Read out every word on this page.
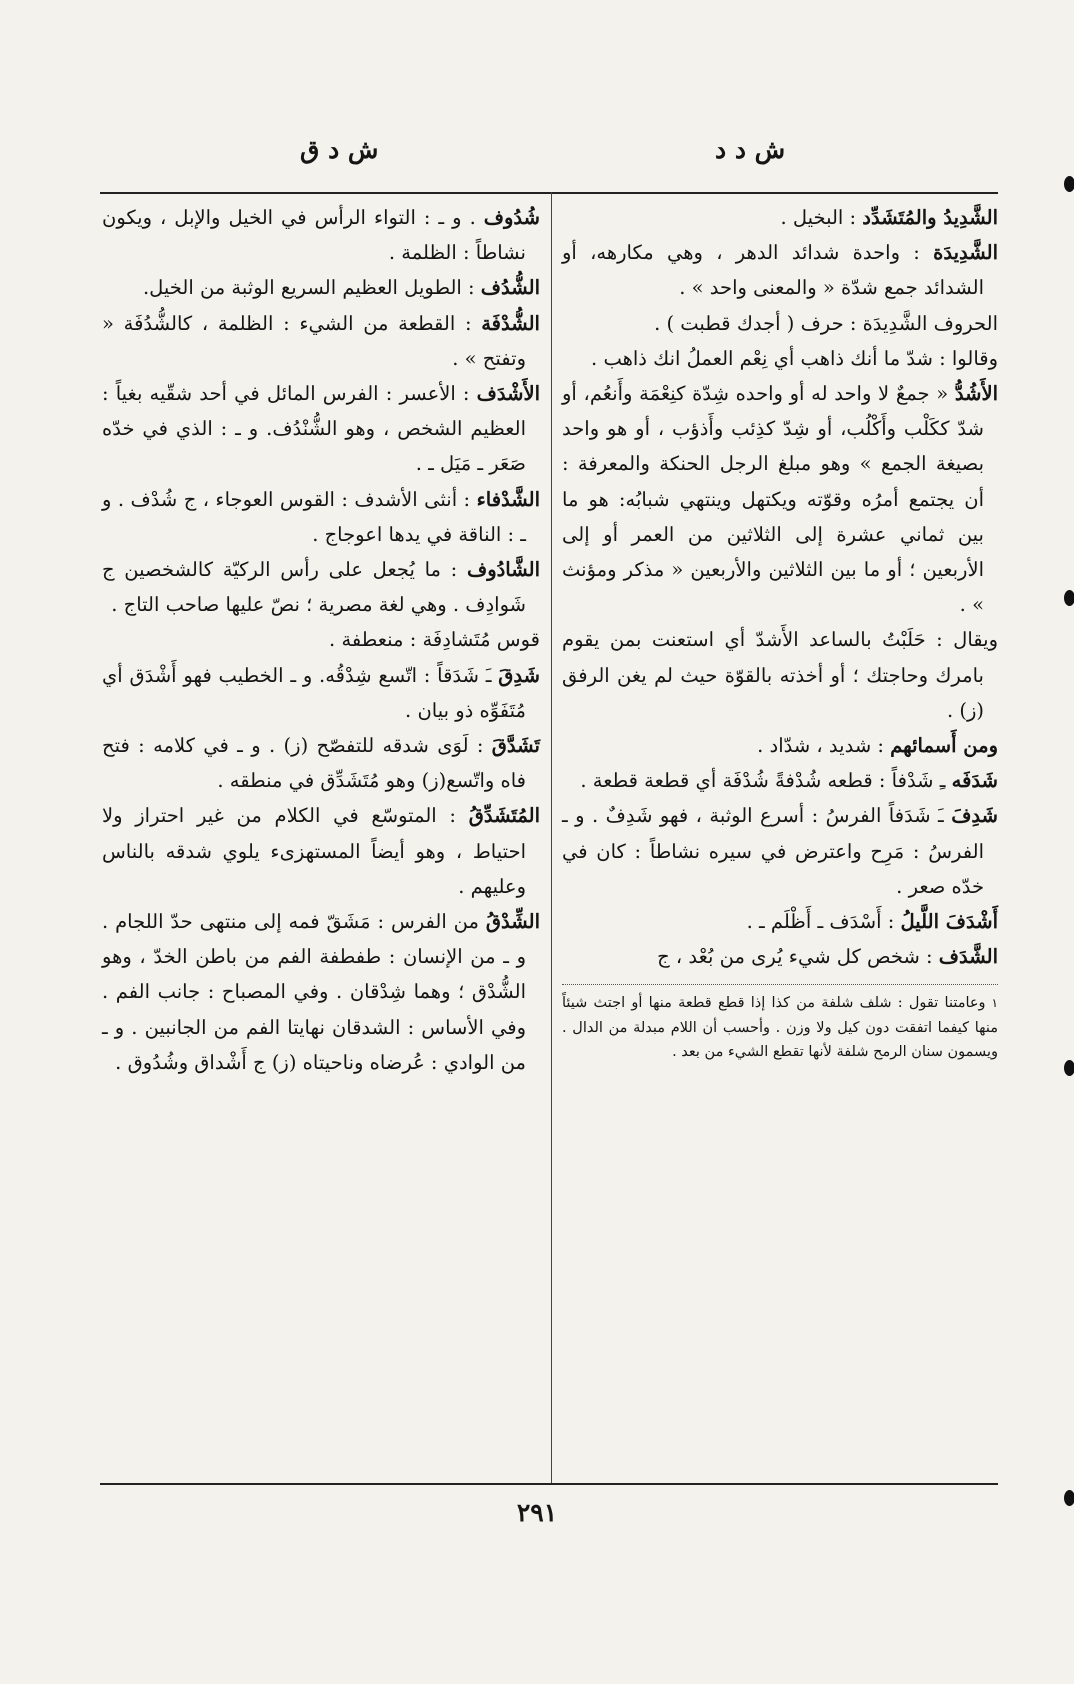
ش د ق	ش د د

الشَّدِيدُ والمُتَشَدِّد : البخيل .

الشَّدِيدَة : واحدة شدائد الدهر ، وهي مكارهه، أو الشدائد جمع شدّة « والمعنى واحد » .

الحروف الشَّدِيدَة : حرف ( أجدك قطبت ) .

وقالوا : شدّ ما أنك ذاهب أي نِعْم العملُ انك ذاهب .

الأَشُدُّ « جمعٌ لا واحد له أو واحده شِدّة كنِعْمَة وأَنعُم، أو شدّ ككَلْب وأَكْلُب، أو شِدّ كذِئب وأَذؤب ، أو هو واحد بصيغة الجمع » وهو مبلغ الرجل الحنكة والمعرفة : أن يجتمع أمرُه وقوّته ويكتهل وينتهي شبابُه: هو ما بين ثماني عشرة إلى الثلاثين من العمر أو إلى الأربعين ؛ أو ما بين الثلاثين والأربعين « مذكر ومؤنث » .

ويقال : حَلَبْتُ بالساعد الأَشدّ أي استعنت بمن يقوم بامرك وحاجتك ؛ أو أخذته بالقوّة حيث لم يغن الرفق (ز) .

ومن أَسمائهم : شديد ، شدّاد .

شَدَفَه ـِ شَدْفاً : قطعه شُدْفةً شُدْفَة أي قطعة قطعة .

شَدِفَ ـَ شَدَفاً الفرسُ : أسرع الوثبة ، فهو شَدِفٌ . و ـ الفرسُ : مَرِح واعترض في سيره نشاطاً : كان في خدّه صعر .

أَشْدَفَ اللَّيلُ : أَسْدَف ـ أَظْلَم ـ .

الشَّدَف : شخص كل شيء يُرى من بُعْد ، ج

١وعامتنا تقول : شلف شلفة من كذا إذا قطع قطعة منها أو اجتث شيئاً منها كيفما اتفقت دون كيل ولا وزن . وأحسب أن اللام مبدلة من الدال . ويسمون سنان الرمح شلفة لأنها تقطع الشيء من بعد .

شُدُوف . و ـ : التواء الرأس في الخيل والإبل ، ويكون نشاطاً : الظلمة .

الشُّدُف : الطويل العظيم السريع الوثبة من الخيل.

الشُّدْفَة : القطعة من الشيء : الظلمة ، كالشُّدُفَة « وتفتح » .

الأَشْدَف : الأعسر : الفرس المائل في أحد شقّيه بغياً : العظيم الشخص ، وهو الشُّنْدُف. و ـ : الذي في خدّه صَعَر ـ مَيَل ـ .

الشَّدْفاء : أنثى الأشدف : القوس العوجاء ، ج شُدْف . و ـ : الناقة في يدها اعوجاج .

الشَّادُوف : ما يُجعل على رأس الركيّة كالشخصين ج شَوادِف . وهي لغة مصرية ؛ نصّ عليها صاحب التاج .

قوس مُتَشادِفَة : منعطفة .

شَدِقَ ـَ شَدَقاً : اتّسع شِدْقُه. و ـ الخطيب فهو أَشْدَق أي مُتَفَوِّه ذو بيان .

تَشَدَّقَ : لَوَى شدقه للتفصّح (ز) . و ـ في كلامه : فتح فاه واتّسع(ز) وهو مُتَشَدِّق في منطقه .

المُتَشَدِّقُ : المتوسّع في الكلام من غير احتراز ولا احتياط ، وهو أيضاً المستهزىء يلوي شدقه بالناس وعليهم .

الشِّدْقُ من الفرس : مَشَقّ فمه إلى منتهى حدّ اللجام . و ـ من الإنسان : طفطفة الفم من باطن الخدّ ، وهو الشُّدْق ؛ وهما شِدْقان . وفي المصباح : جانب الفم . وفي الأساس : الشدقان نهايتا الفم من الجانبين . و ـ من الوادي : عُرضاه وناحيتاه (ز) ج أَشْداق وشُدُوق .

٢٩١
